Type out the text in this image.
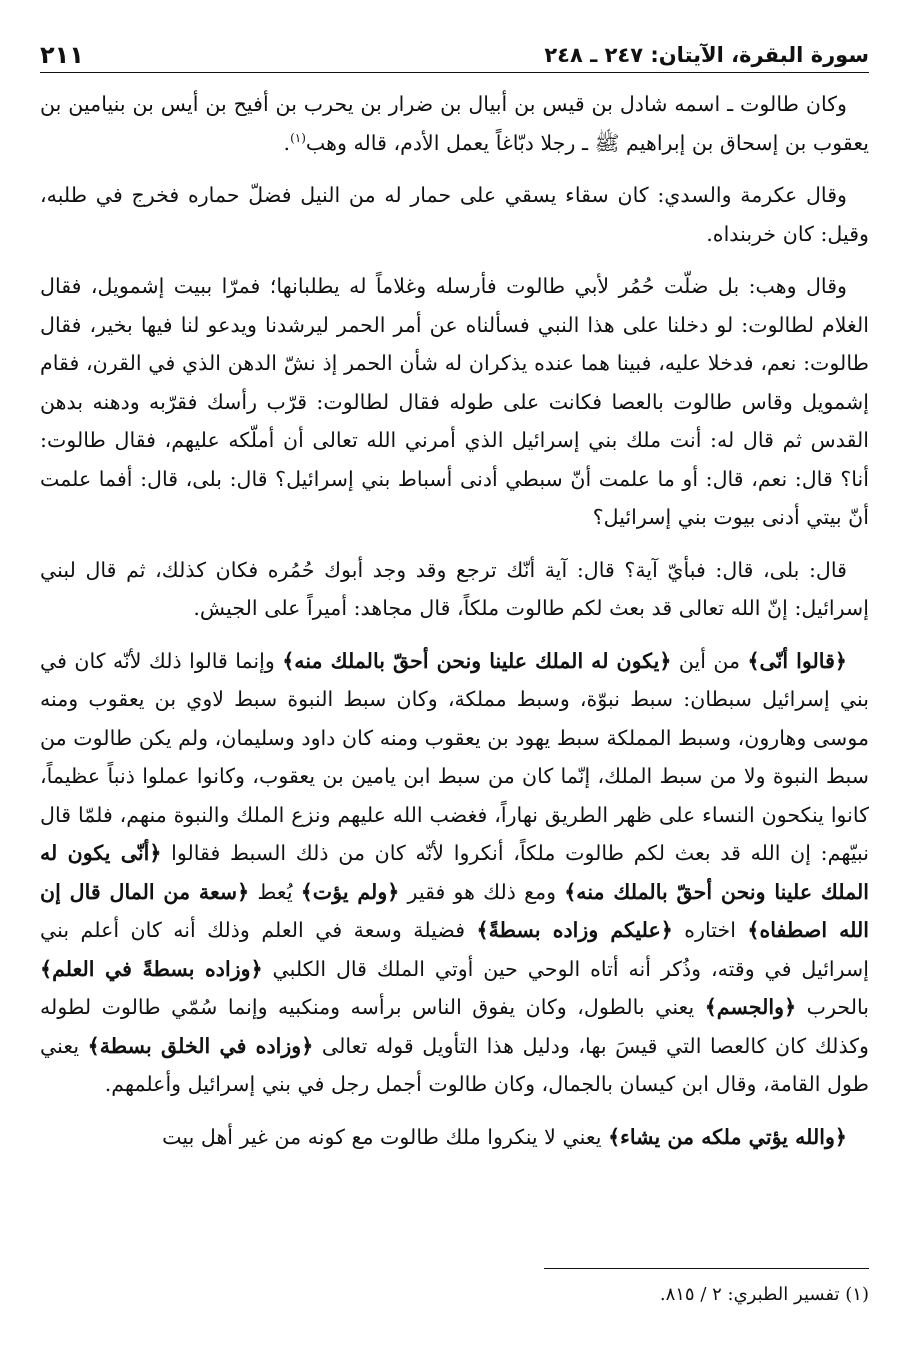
سورة البقرة، الآيتان: ٢٤٧ ـ ٢٤٨
٢١١

وكان طالوت ـ اسمه شادل بن قيس بن أبيال بن ضرار بن يحرب بن أفيح بن أيس بن بنيامين بن يعقوب بن إسحاق بن إبراهيم ﷺ ـ رجلا دبّاغاً يعمل الأدم، قاله وهب$^{(١)}$.

وقال عكرمة والسدي: كان سقاء يسقي على حمار له من النيل فضلّ حماره فخرج في طلبه، وقيل: كان خربنداه.

وقال وهب: بل ضلّت حُمُر لأبي طالوت فأرسله وغلاماً له يطلبانها؛ فمرّا ببيت إشمويل، فقال الغلام لطالوت: لو دخلنا على هذا النبي فسألناه عن أمر الحمر ليرشدنا ويدعو لنا فيها بخير، فقال طالوت: نعم، فدخلا عليه، فبينا هما عنده يذكران له شأن الحمر إذ نشّ الدهن الذي في القرن، فقام إشمويل وقاس طالوت بالعصا فكانت على طوله فقال لطالوت: قرّب رأسك فقرّبه ودهنه بدهن القدس ثم قال له: أنت ملك بني إسرائيل الذي أمرني الله تعالى أن أملّكه عليهم، فقال طالوت: أنا؟ قال: نعم، قال: أو ما علمت أنّ سبطي أدنى أسباط بني إسرائيل؟ قال: بلى، قال: أفما علمت أنّ بيتي أدنى بيوت بني إسرائيل؟

قال: بلى، قال: فبأيّ آية؟ قال: آية أنّك ترجع وقد وجد أبوك حُمُره فكان كذلك، ثم قال لبني إسرائيل: إنّ الله تعالى قد بعث لكم طالوت ملكاً، قال مجاهد: أميراً على الجيش.

﴿قالوا أنّى﴾ من أين ﴿يكون له الملك علينا ونحن أحقّ بالملك منه﴾ وإنما قالوا ذلك لأنّه كان في بني إسرائيل سبطان: سبط نبوّة، وسبط مملكة، وكان سبط النبوة سبط لاوي بن يعقوب ومنه موسى وهارون، وسبط المملكة سبط يهود بن يعقوب ومنه كان داود وسليمان، ولم يكن طالوت من سبط النبوة ولا من سبط الملك، إنّما كان من سبط ابن يامين بن يعقوب، وكانوا عملوا ذنباً عظيماً، كانوا ينكحون النساء على ظهر الطريق نهاراً، فغضب الله عليهم ونزع الملك والنبوة منهم، فلمّا قال نبيّهم: إن الله قد بعث لكم طالوت ملكاً، أنكروا لأنّه كان من ذلك السبط فقالوا ﴿أنّى يكون له الملك علينا ونحن أحقّ بالملك منه﴾ ومع ذلك هو فقير ﴿ولم يؤت﴾ يُعط ﴿سعة من المال قال إن الله اصطفاه﴾ اختاره ﴿عليكم وزاده بسطةً﴾ فضيلة وسعة في العلم وذلك أنه كان أعلم بني إسرائيل في وقته، وذُكر أنه أتاه الوحي حين أوتي الملك قال الكلبي ﴿وزاده بسطةً في العلم﴾ بالحرب ﴿والجسم﴾ يعني بالطول، وكان يفوق الناس برأسه ومنكبيه وإنما سُمّي طالوت لطوله وكذلك كان كالعصا التي قيسَ بها، ودليل هذا التأويل قوله تعالى ﴿وزاده في الخلق بسطة﴾ يعني طول القامة، وقال ابن كيسان بالجمال، وكان طالوت أجمل رجل في بني إسرائيل وأعلمهم.

﴿والله يؤتي ملكه من يشاء﴾ يعني لا ينكروا ملك طالوت مع كونه من غير أهل بيت

(١) تفسير الطبري: ٢ / ٨١٥.
